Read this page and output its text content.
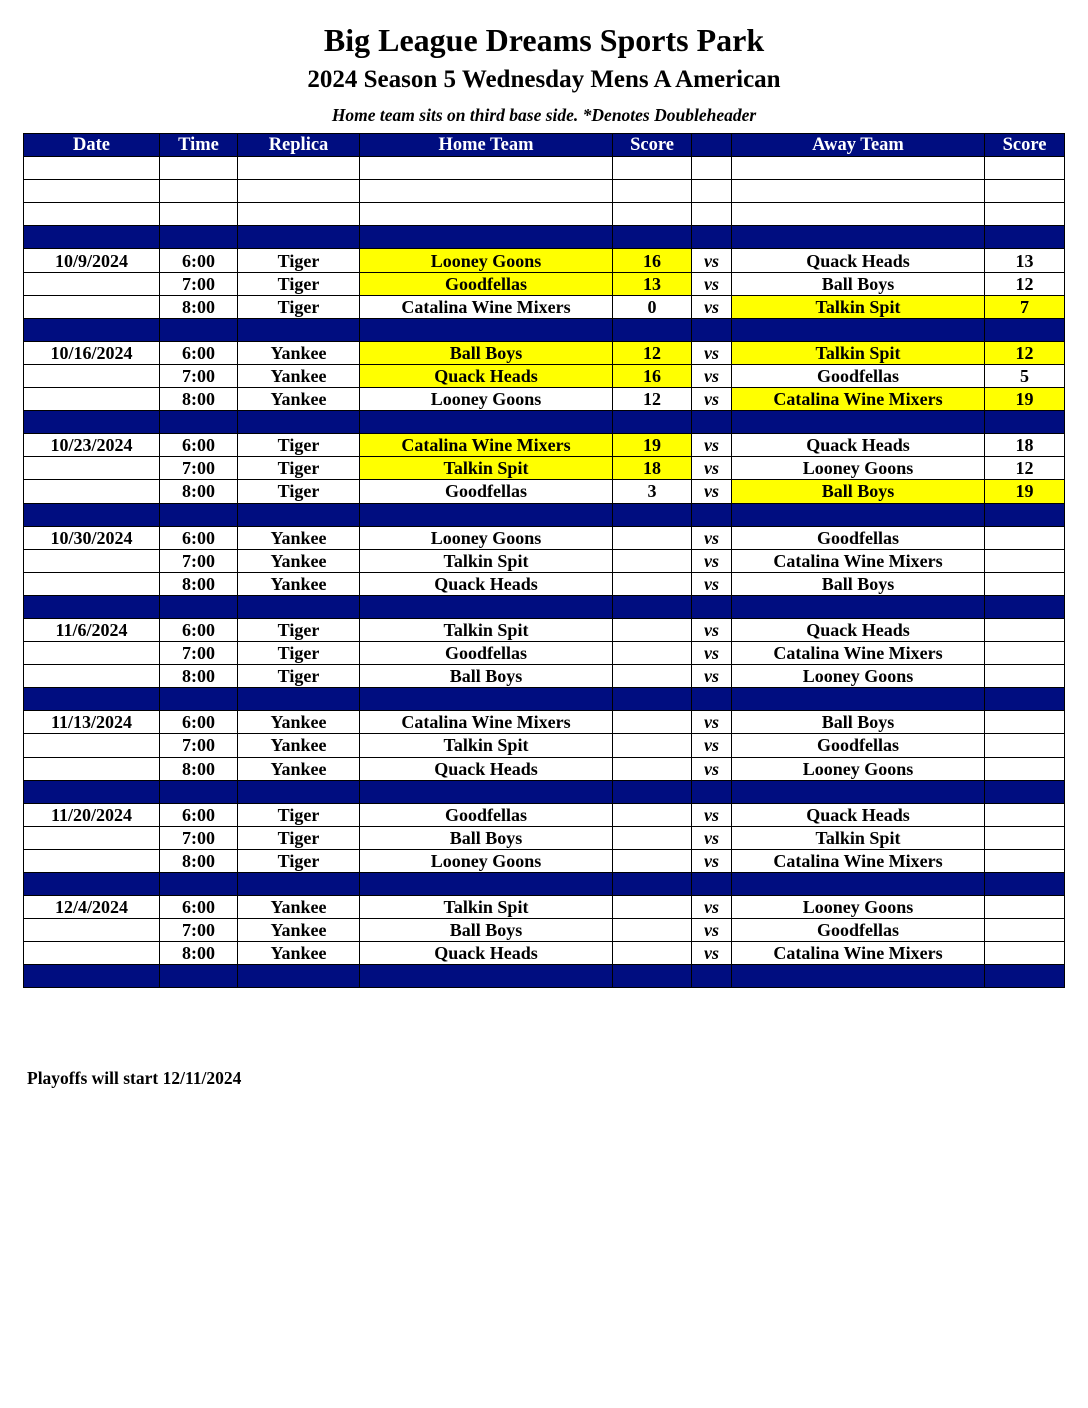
Big League Dreams Sports Park
2024 Season 5 Wednesday Mens A American
Home team sits on third base side. *Denotes Doubleheader
Date	Time	Replica	Home Team	Score		Away Team	Score

10/9/2024	6:00	Tiger	Looney Goons	16	vs	Quack Heads	13
	7:00	Tiger	Goodfellas	13	vs	Ball Boys	12
	8:00	Tiger	Catalina Wine Mixers	0	vs	Talkin Spit	7

10/16/2024	6:00	Yankee	Ball Boys	12	vs	Talkin Spit	12
	7:00	Yankee	Quack Heads	16	vs	Goodfellas	5
	8:00	Yankee	Looney Goons	12	vs	Catalina Wine Mixers	19

10/23/2024	6:00	Tiger	Catalina Wine Mixers	19	vs	Quack Heads	18
	7:00	Tiger	Talkin Spit	18	vs	Looney Goons	12
	8:00	Tiger	Goodfellas	3	vs	Ball Boys	19

10/30/2024	6:00	Yankee	Looney Goons		vs	Goodfellas	
	7:00	Yankee	Talkin Spit		vs	Catalina Wine Mixers	
	8:00	Yankee	Quack Heads		vs	Ball Boys	

11/6/2024	6:00	Tiger	Talkin Spit		vs	Quack Heads	
	7:00	Tiger	Goodfellas		vs	Catalina Wine Mixers	
	8:00	Tiger	Ball Boys		vs	Looney Goons	

11/13/2024	6:00	Yankee	Catalina Wine Mixers		vs	Ball Boys	
	7:00	Yankee	Talkin Spit		vs	Goodfellas	
	8:00	Yankee	Quack Heads		vs	Looney Goons	

11/20/2024	6:00	Tiger	Goodfellas		vs	Quack Heads	
	7:00	Tiger	Ball Boys		vs	Talkin Spit	
	8:00	Tiger	Looney Goons		vs	Catalina Wine Mixers	

12/4/2024	6:00	Yankee	Talkin Spit		vs	Looney Goons	
	7:00	Yankee	Ball Boys		vs	Goodfellas	
	8:00	Yankee	Quack Heads		vs	Catalina Wine Mixers	

Playoffs will start 12/11/2024
